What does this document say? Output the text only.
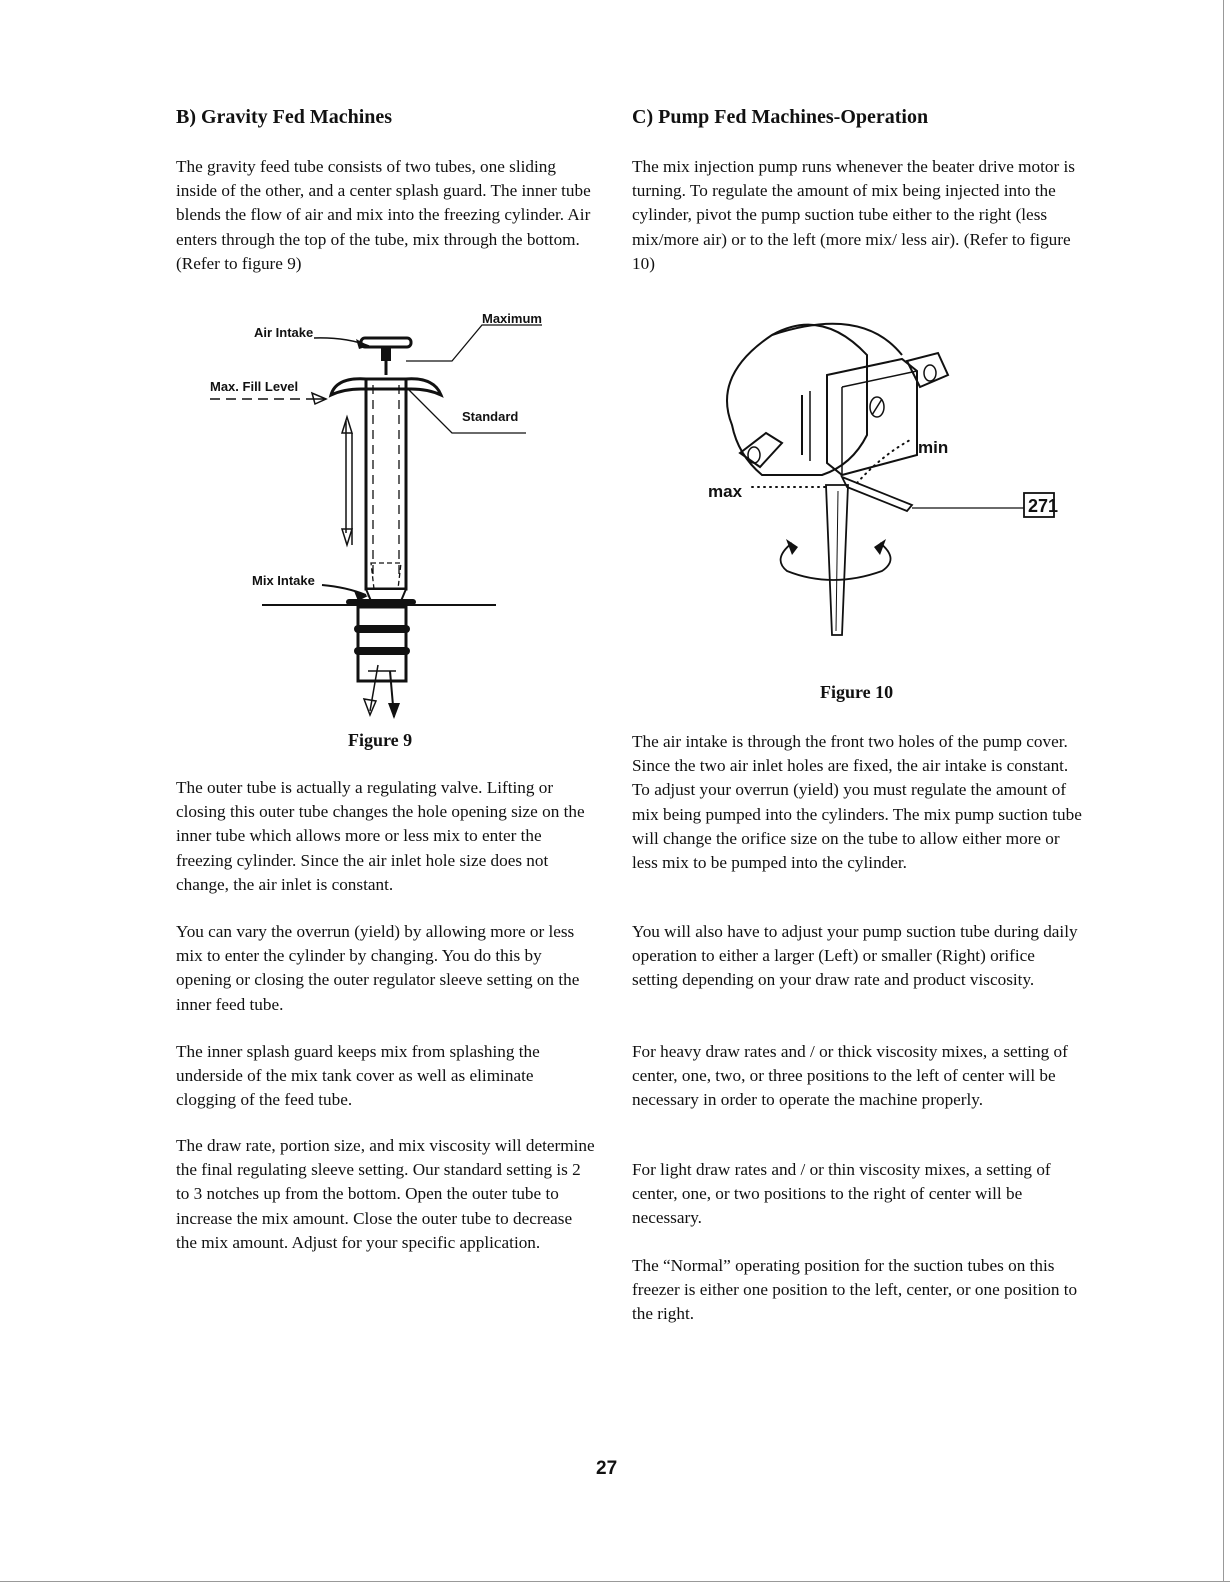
B) Gravity Fed Machines

The gravity feed tube consists of two tubes, one sliding inside of the other, and a center splash guard. The inner tube blends the flow of air and mix into the freezing cylinder. Air enters through the top of the tube, mix through the bottom. (Refer to figure 9)

Air Intake
Max. Fill Level
Maximum
Standard
Mix Intake
Figure 9

The outer tube is actually a regulating valve. Lifting or closing this outer tube changes the hole opening size on the inner tube which allows more or less mix to enter the freezing cylinder. Since the air inlet hole size does not change, the air inlet is constant.

You can vary the overrun (yield) by allowing more or less mix to enter the cylinder by changing. You do this by opening or closing the outer regulator sleeve setting on the inner feed tube.

The inner splash guard keeps mix from splashing the underside of the mix tank cover as well as eliminate clogging of the feed tube.

The draw rate, portion size, and mix viscosity will determine the final regulating sleeve setting. Our standard setting is 2 to 3 notches up from the bottom. Open the outer tube to increase the mix amount. Close the outer tube to decrease the mix amount. Adjust for your specific application.

C) Pump Fed Machines-Operation

The mix injection pump runs whenever the beater drive motor is turning. To regulate the amount of mix being injected into the cylinder, pivot the pump suction tube either to the right (less mix/more air) or to the left (more mix/ less air). (Refer to figure 10)

271
min
max
Figure 10

The air intake is through the front two holes of the pump cover. Since the two air inlet holes are fixed, the air intake is constant. To adjust your overrun (yield) you must regulate the amount of mix being pumped into the cylinders. The mix pump suction tube will change the orifice size on the tube to allow either more or less mix to be pumped into the cylinder.

You will also have to adjust your pump suction tube during daily operation to either a larger (Left) or smaller (Right) orifice setting depending on your draw rate and product viscosity.

For heavy draw rates and / or thick viscosity mixes, a setting of center, one, two, or three positions to the left of center will be necessary in order to operate the machine properly.

For light draw rates and / or thin viscosity mixes, a setting of center, one, or two positions to the right of center will be necessary.

The “Normal” operating position for the suction tubes on this freezer is either one position to the left, center, or one position to the right.

27
